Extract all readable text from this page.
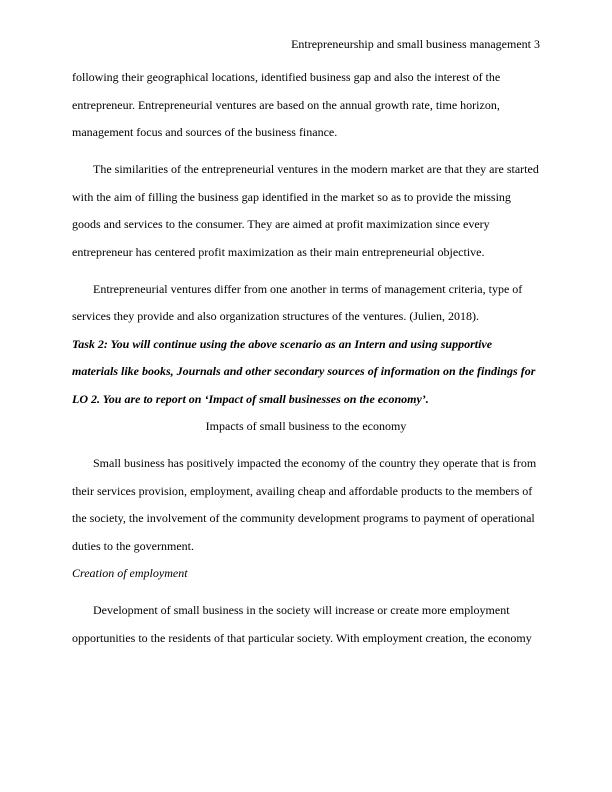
Entrepreneurship and small business management 3

following their geographical locations, identified business gap and also the interest of the entrepreneur. Entrepreneurial ventures are based on the annual growth rate, time horizon, management focus and sources of the business finance.

The similarities of the entrepreneurial ventures in the modern market are that they are started with the aim of filling the business gap identified in the market so as to provide the missing goods and services to the consumer. They are aimed at profit maximization since every entrepreneur has centered profit maximization as their main entrepreneurial objective.

Entrepreneurial ventures differ from one another in terms of management criteria, type of services they provide and also organization structures of the ventures. (Julien, 2018).

Task 2: You will continue using the above scenario as an Intern and using supportive materials like books, Journals and other secondary sources of information on the findings for LO 2. You are to report on ‘Impact of small businesses on the economy’.

Impacts of small business to the economy

Small business has positively impacted the economy of the country they operate that is from their services provision, employment, availing cheap and affordable products to the members of the society, the involvement of the community development programs to payment of operational duties to the government.

Creation of employment

Development of small business in the society will increase or create more employment opportunities to the residents of that particular society. With employment creation, the economy
